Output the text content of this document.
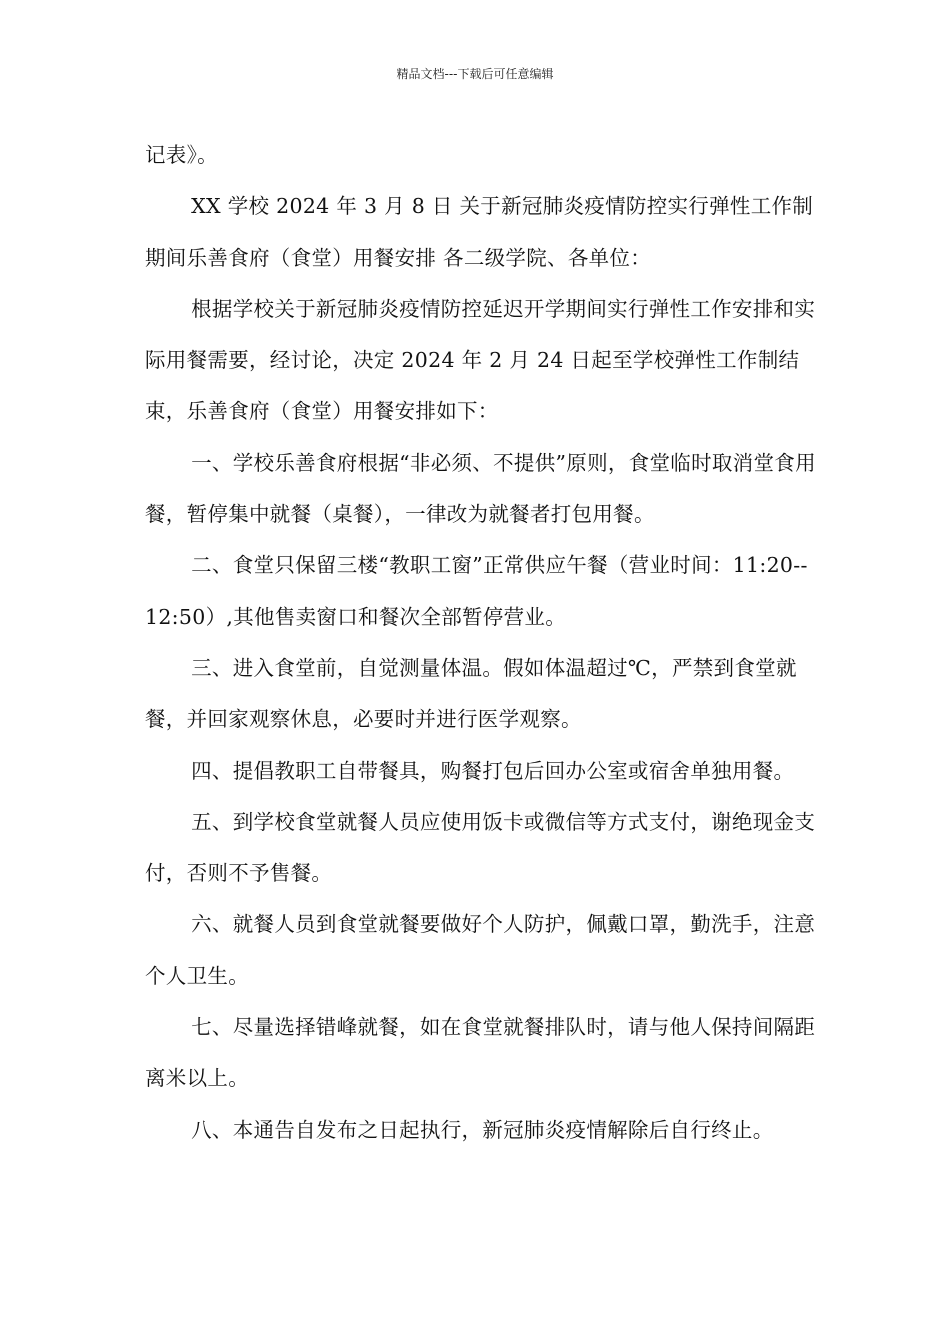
精品文档---下载后可任意编辑

记表》。

XX 学校 2024 年 3 月 8 日 关于新冠肺炎疫情防控实行弹性工作制期间乐善食府（食堂）用餐安排 各二级学院、各单位：

根据学校关于新冠肺炎疫情防控延迟开学期间实行弹性工作安排和实际用餐需要，经讨论，决定 2024 年 2 月 24 日起至学校弹性工作制结束，乐善食府（食堂）用餐安排如下：

一、学校乐善食府根据“非必须、不提供”原则，食堂临时取消堂食用餐，暂停集中就餐（桌餐），一律改为就餐者打包用餐。

二、食堂只保留三楼“教职工窗”正常供应午餐（营业时间：11:20--12:50）,其他售卖窗口和餐次全部暂停营业。

三、进入食堂前，自觉测量体温。假如体温超过℃，严禁到食堂就餐，并回家观察休息，必要时并进行医学观察。

四、提倡教职工自带餐具，购餐打包后回办公室或宿舍单独用餐。

五、到学校食堂就餐人员应使用饭卡或微信等方式支付，谢绝现金支付，否则不予售餐。

六、就餐人员到食堂就餐要做好个人防护，佩戴口罩，勤洗手，注意个人卫生。

七、尽量选择错峰就餐，如在食堂就餐排队时，请与他人保持间隔距离米以上。

八、本通告自发布之日起执行，新冠肺炎疫情解除后自行终止。
